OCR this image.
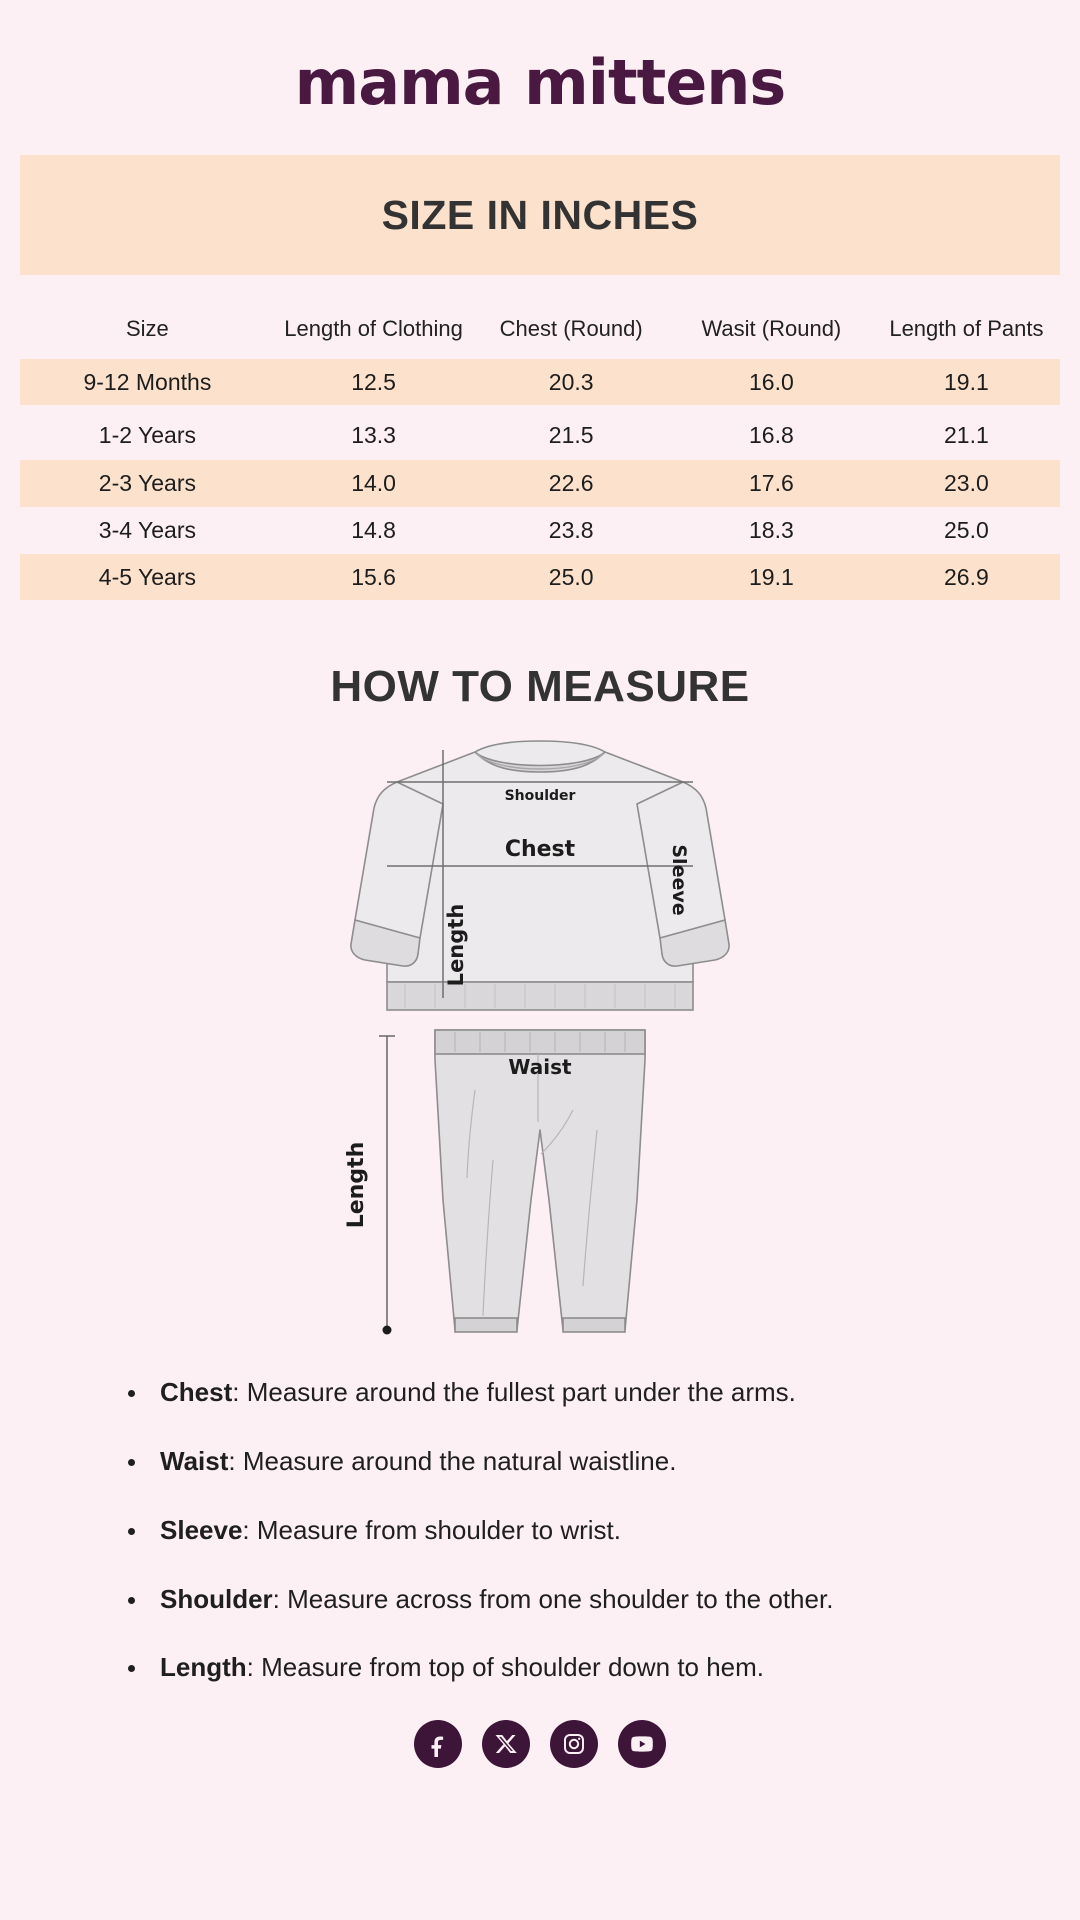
mama mittens
SIZE IN INCHES
Size	Length of Clothing	Chest (Round)	Wasit (Round)	Length of Pants
9-12 Months	12.5	20.3	16.0	19.1
1-2 Years	13.3	21.5	16.8	21.1
2-3 Years	14.0	22.6	17.6	23.0
3-4 Years	14.8	23.8	18.3	25.0
4-5 Years	15.6	25.0	19.1	26.9
HOW TO MEASURE
Shoulder
Chest	Sleeve
Length
Waist
Length
Chest: Measure around the fullest part under the arms.
Waist: Measure around the natural waistline.
Sleeve: Measure from shoulder to wrist.
Shoulder: Measure across from one shoulder to the other.
Length: Measure from top of shoulder down to hem.
